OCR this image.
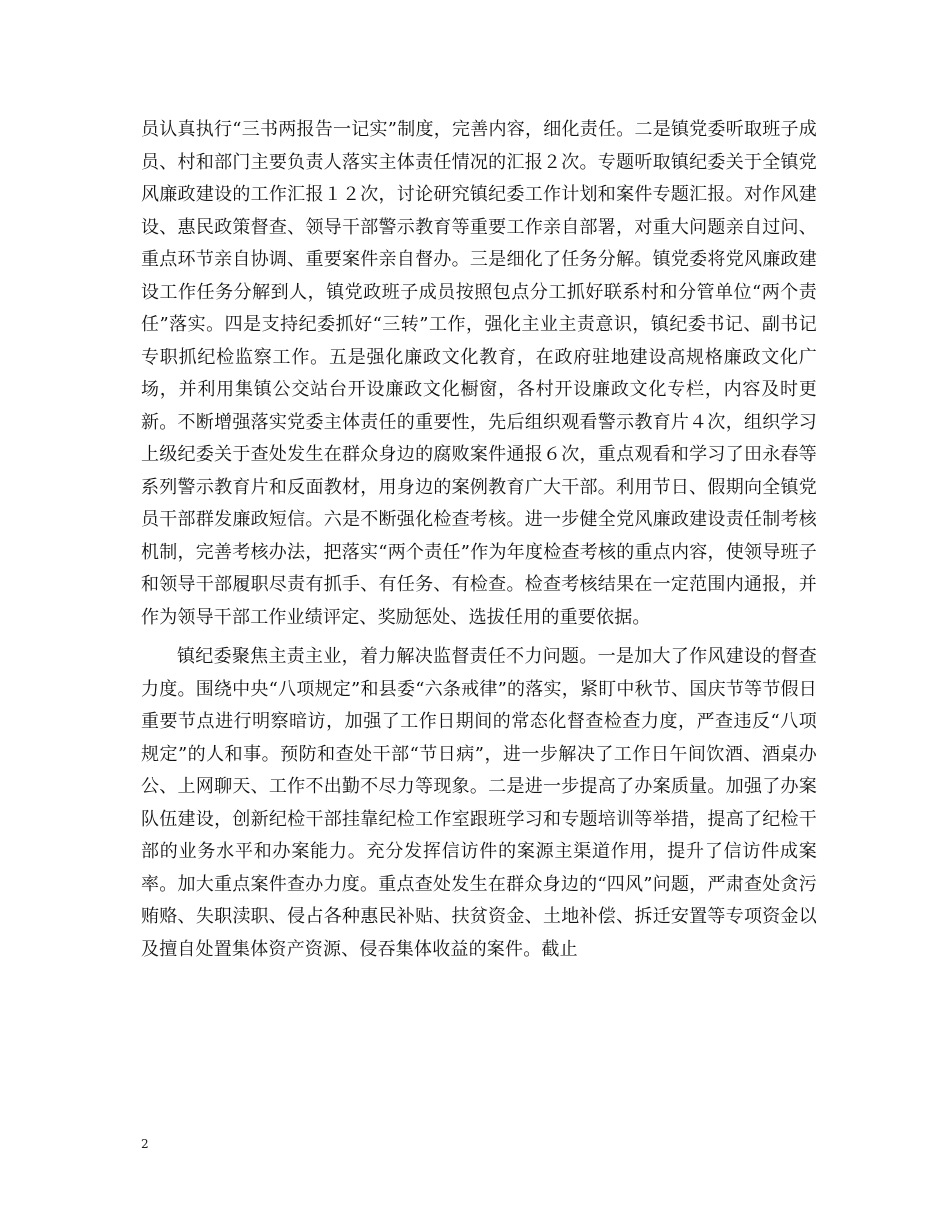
员认真执行“三书两报告一记实”制度，完善内容，细化责任。二是镇党委听取班子成员、村和部门主要负责人落实主体责任情况的汇报２次。专题听取镇纪委关于全镇党风廉政建设的工作汇报１２次，讨论研究镇纪委工作计划和案件专题汇报。对作风建设、惠民政策督查、领导干部警示教育等重要工作亲自部署，对重大问题亲自过问、重点环节亲自协调、重要案件亲自督办。三是细化了任务分解。镇党委将党风廉政建设工作任务分解到人，镇党政班子成员按照包点分工抓好联系村和分管单位“两个责任”落实。四是支持纪委抓好“三转”工作，强化主业主责意识，镇纪委书记、副书记专职抓纪检监察工作。五是强化廉政文化教育，在政府驻地建设高规格廉政文化广场，并利用集镇公交站台开设廉政文化橱窗，各村开设廉政文化专栏，内容及时更新。不断增强落实党委主体责任的重要性，先后组织观看警示教育片４次，组织学习上级纪委关于查处发生在群众身边的腐败案件通报６次，重点观看和学习了田永春等系列警示教育片和反面教材，用身边的案例教育广大干部。利用节日、假期向全镇党员干部群发廉政短信。六是不断强化检查考核。进一步健全党风廉政建设责任制考核机制，完善考核办法，把落实“两个责任”作为年度检查考核的重点内容，使领导班子和领导干部履职尽责有抓手、有任务、有检查。检查考核结果在一定范围内通报，并作为领导干部工作业绩评定、奖励惩处、选拔任用的重要依据。

镇纪委聚焦主责主业，着力解决监督责任不力问题。一是加大了作风建设的督查力度。围绕中央“八项规定”和县委“六条戒律”的落实，紧盯中秋节、国庆节等节假日重要节点进行明察暗访，加强了工作日期间的常态化督查检查力度，严查违反“八项规定”的人和事。预防和查处干部“节日病”，进一步解决了工作日午间饮酒、酒桌办公、上网聊天、工作不出勤不尽力等现象。二是进一步提高了办案质量。加强了办案队伍建设，创新纪检干部挂靠纪检工作室跟班学习和专题培训等举措，提高了纪检干部的业务水平和办案能力。充分发挥信访件的案源主渠道作用，提升了信访件成案率。加大重点案件查办力度。重点查处发生在群众身边的“四风”问题，严肃查处贪污贿赂、失职渎职、侵占各种惠民补贴、扶贫资金、土地补偿、拆迁安置等专项资金以及擅自处置集体资产资源、侵吞集体收益的案件。截止

2
